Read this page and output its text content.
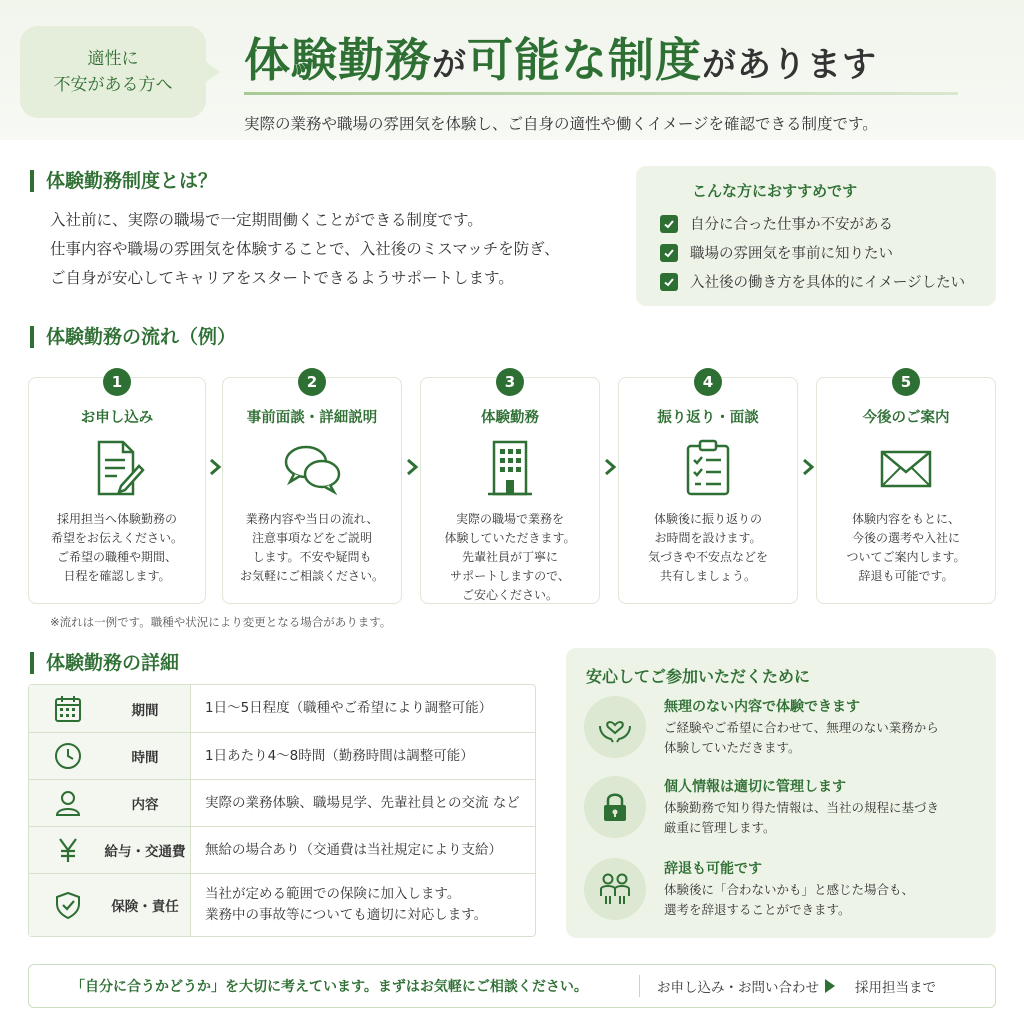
適性に
不安がある方へ 体験勤務が可能な制度があります
実際の業務や職場の雰囲気を体験し、ご自身の適性や働くイメージを確認できる制度です。
体験勤務制度とは？
入社前に、実際の職場で一定期間働くことができる制度です。
仕事内容や職場の雰囲気を体験することで、入社後のミスマッチを防ぎ、
ご自身が安心してキャリアをスタートできるようサポートします。
こんな方におすすめです
自分に合った仕事か不安がある
職場の雰囲気を事前に知りたい
入社後の働き方を具体的にイメージしたい
体験勤務の流れ（例）
1
お申し込み
採用担当へ体験勤務の
希望をお伝えください。
ご希望の職種や期間、
日程を確認します。
2
事前面談・詳細説明
業務内容や当日の流れ、
注意事項などをご説明
します。不安や疑問も
お気軽にご相談ください。
3
体験勤務
実際の職場で業務を
体験していただきます。
先輩社員が丁寧に
サポートしますので、
ご安心ください。
4
振り返り・面談
体験後に振り返りの
お時間を設けます。
気づきや不安点などを
共有しましょう。
5
今後のご案内
体験内容をもとに、
今後の選考や入社に
ついてご案内します。
辞退も可能です。
※流れは一例です。職種や状況により変更となる場合があります。
体験勤務の詳細
期間	1日〜5日程度（職種やご希望により調整可能）
時間	1日あたり4〜8時間（勤務時間は調整可能）
内容	実際の業務体験、職場見学、先輩社員との交流 など
給与・交通費	無給の場合あり（交通費は当社規定により支給）
保険・責任
当社が定める範囲での保険に加入します。
業務中の事故等についても適切に対応します。
安心してご参加いただくために
無理のない内容で体験できます
ご経験やご希望に合わせて、無理のない業務から
体験していただきます。
個人情報は適切に管理します
体験勤務で知り得た情報は、当社の規程に基づき
厳重に管理します。
辞退も可能です
体験後に「合わないかも」と感じた場合も、
選考を辞退することができます。
「自分に合うかどうか」を大切に考えています。まずはお気軽にご相談ください。	お申し込み・お問い合わせ	採用担当まで
